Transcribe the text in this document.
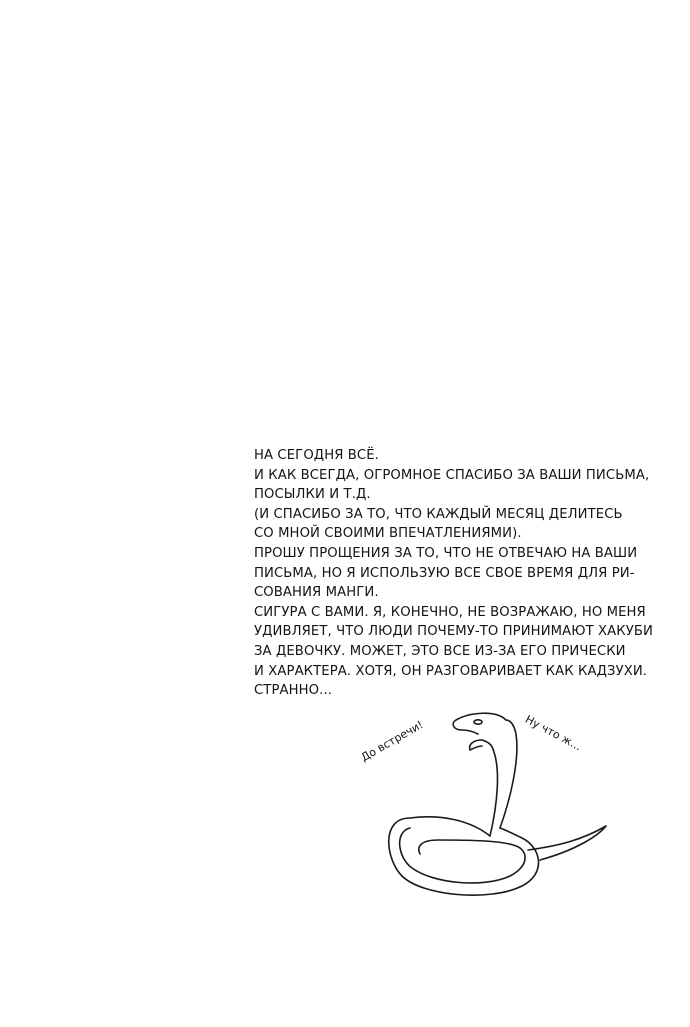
НА СЕГОДНЯ ВСЁ.
И КАК ВСЕГДА, ОГРОМНОЕ СПАСИБО ЗА ВАШИ ПИСЬМА,
ПОСЫЛКИ И Т.Д.
(И СПАСИБО ЗА ТО, ЧТО КАЖДЫЙ МЕСЯЦ ДЕЛИТЕСЬ
СО МНОЙ СВОИМИ ВПЕЧАТЛЕНИЯМИ).
ПРОШУ ПРОЩЕНИЯ ЗА ТО, ЧТО НЕ ОТВЕЧАЮ НА ВАШИ
ПИСЬМА, НО Я ИСПОЛЬЗУЮ ВСЕ СВОЕ ВРЕМЯ ДЛЯ РИ-
СОВАНИЯ МАНГИ.
СИГУРА С ВАМИ. Я, КОНЕЧНО, НЕ ВОЗРАЖАЮ, НО МЕНЯ
УДИВЛЯЕТ, ЧТО ЛЮДИ ПОЧЕМУ-ТО ПРИНИМАЮТ ХАКУБИ
ЗА ДЕВОЧКУ. МОЖЕТ, ЭТО ВСЕ ИЗ-ЗА ЕГО ПРИЧЕСКИ
И ХАРАКТЕРА. ХОТЯ, ОН РАЗГОВАРИВАЕТ КАК КАДЗУХИ.
СТРАННО...
До встречи!	Ну что ж...
